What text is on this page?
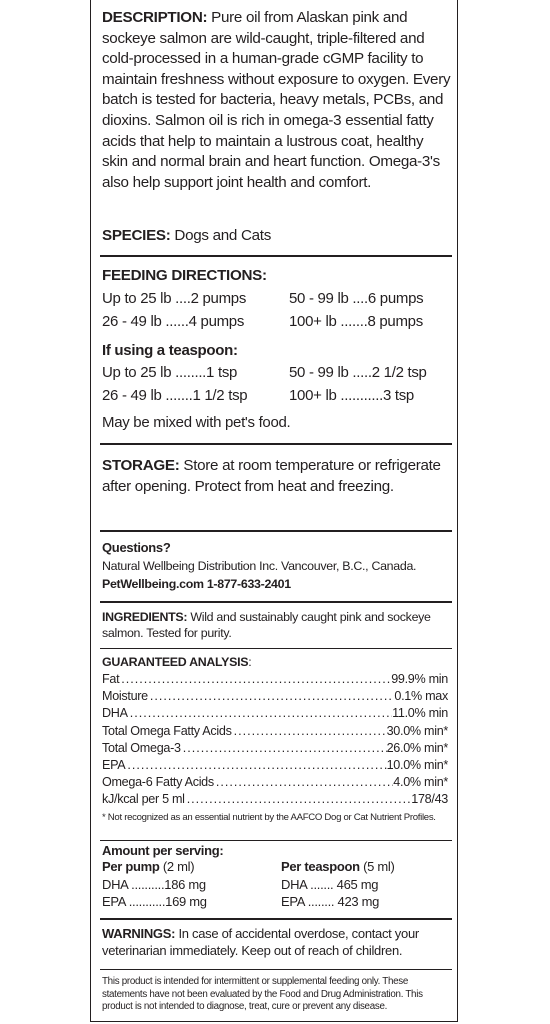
DESCRIPTION: Pure oil from Alaskan pink and sockeye salmon are wild-caught, triple-filtered and cold-processed in a human-grade cGMP facility to maintain freshness without exposure to oxygen. Every batch is tested for bacteria, heavy metals, PCBs, and dioxins. Salmon oil is rich in omega-3 essential fatty acids that help to maintain a lustrous coat, healthy skin and normal brain and heart function. Omega-3's also help support joint health and comfort.
SPECIES: Dogs and Cats
FEEDING DIRECTIONS:
Up to 25 lb ....2 pumps	50 - 99 lb ....6 pumps
26 - 49 lb ......4 pumps	100+ lb .......8 pumps
If using a teaspoon:
Up to 25 lb ........1 tsp	50 - 99 lb .....2 1/2 tsp
26 - 49 lb .......1 1/2 tsp	100+ lb ...........3 tsp
May be mixed with pet's food.
STORAGE: Store at room temperature or refrigerate after opening. Protect from heat and freezing.
Questions?
Natural Wellbeing Distribution Inc. Vancouver, B.C., Canada.
PetWellbeing.com 1-877-633-2401
INGREDIENTS: Wild and sustainably caught pink and sockeye salmon. Tested for purity.
GUARANTEED ANALYSIS:
Fat .....	99.9% min
Moisture .....	0.1% max
DHA .....	11.0% min
Total Omega Fatty Acids .....	30.0% min*
Total Omega-3 .....	26.0% min*
EPA .....	10.0% min*
Omega-6 Fatty Acids .....	4.0% min*
kJ/kcal per 5 ml .....	178/43
* Not recognized as an essential nutrient by the AAFCO Dog or Cat Nutrient Profiles.
Amount per serving:
Per pump (2 ml)
DHA ..........186 mg
EPA ...........169 mg
Per teaspoon (5 ml)
DHA ....... 465 mg
EPA ........ 423 mg
WARNINGS: In case of accidental overdose, contact your veterinarian immediately. Keep out of reach of children.
This product is intended for intermittent or supplemental feeding only. These statements have not been evaluated by the Food and Drug Administration. This product is not intended to diagnose, treat, cure or prevent any disease.
